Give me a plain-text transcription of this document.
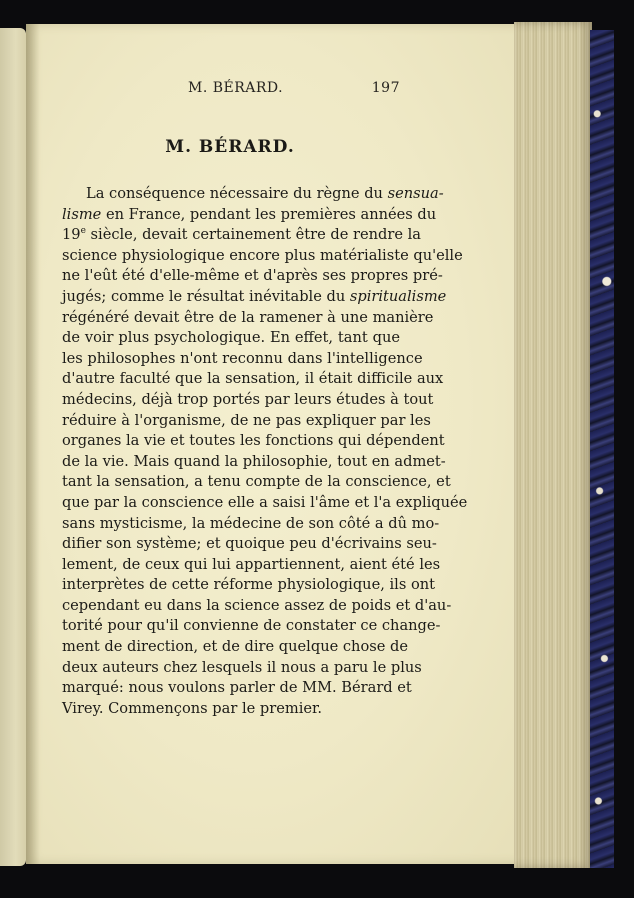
M. BÉRARD.	197
M. BÉRARD.
La conséquence nécessaire du règne du sensua-
lisme en France, pendant les premières années du
19e siècle, devait certainement être de rendre la
science physiologique encore plus matérialiste qu'elle
ne l'eût été d'elle-même et d'après ses propres pré-
jugés; comme le résultat inévitable du spiritualisme
régénéré devait être de la ramener à une manière
de voir plus psychologique. En effet, tant que
les philosophes n'ont reconnu dans l'intelligence
d'autre faculté que la sensation, il était difficile aux
médecins, déjà trop portés par leurs études à tout
réduire à l'organisme, de ne pas expliquer par les
organes la vie et toutes les fonctions qui dépendent
de la vie. Mais quand la philosophie, tout en admet-
tant la sensation, a tenu compte de la conscience, et
que par la conscience elle a saisi l'âme et l'a expliquée
sans mysticisme, la médecine de son côté a dû mo-
difier son système; et quoique peu d'écrivains seu-
lement, de ceux qui lui appartiennent, aient été les
interprètes de cette réforme physiologique, ils ont
cependant eu dans la science assez de poids et d'au-
torité pour qu'il convienne de constater ce change-
ment de direction, et de dire quelque chose de
deux auteurs chez lesquels il nous a paru le plus
marqué: nous voulons parler de MM. Bérard et
Virey. Commençons par le premier.
